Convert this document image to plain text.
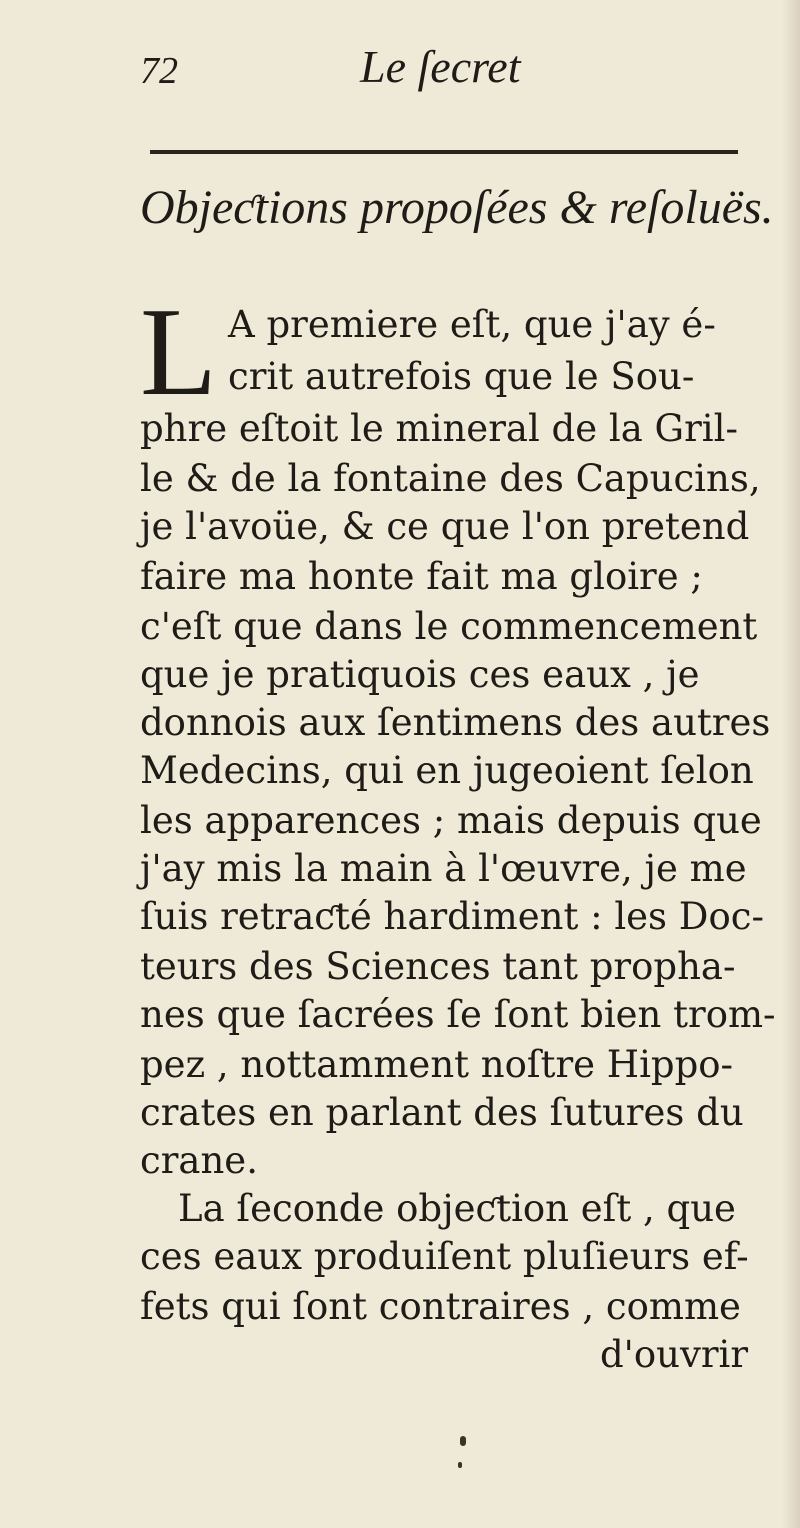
72	Le ſecret
Objeƈtions propoſées & reſoluës.
L A premiere eſt, que j'ay é-
crit autrefois que le Sou-
phre eſtoit le mineral de la Gril-
le & de la fontaine des Capucins,
je l'avoüe, & ce que l'on pretend
faire ma honte fait ma gloire ;
c'eſt que dans le commencement
que je pratiquois ces eaux , je
donnois aux ſentimens des autres
Medecins, qui en jugeoient ſelon
les apparences ; mais depuis que
j'ay mis la main à l'œuvre, je me
ſuis retraƈté hardiment : les Doc-
teurs des Sciences tant propha-
nes que ſacrées ſe ſont bien trom-
pez , nottamment noſtre Hippo-
crates en parlant des ſutures du
crane.
La ſeconde objeƈtion eſt , que
ces eaux produiſent pluſieurs ef-
fets qui ſont contraires , comme
d'ouvrir
